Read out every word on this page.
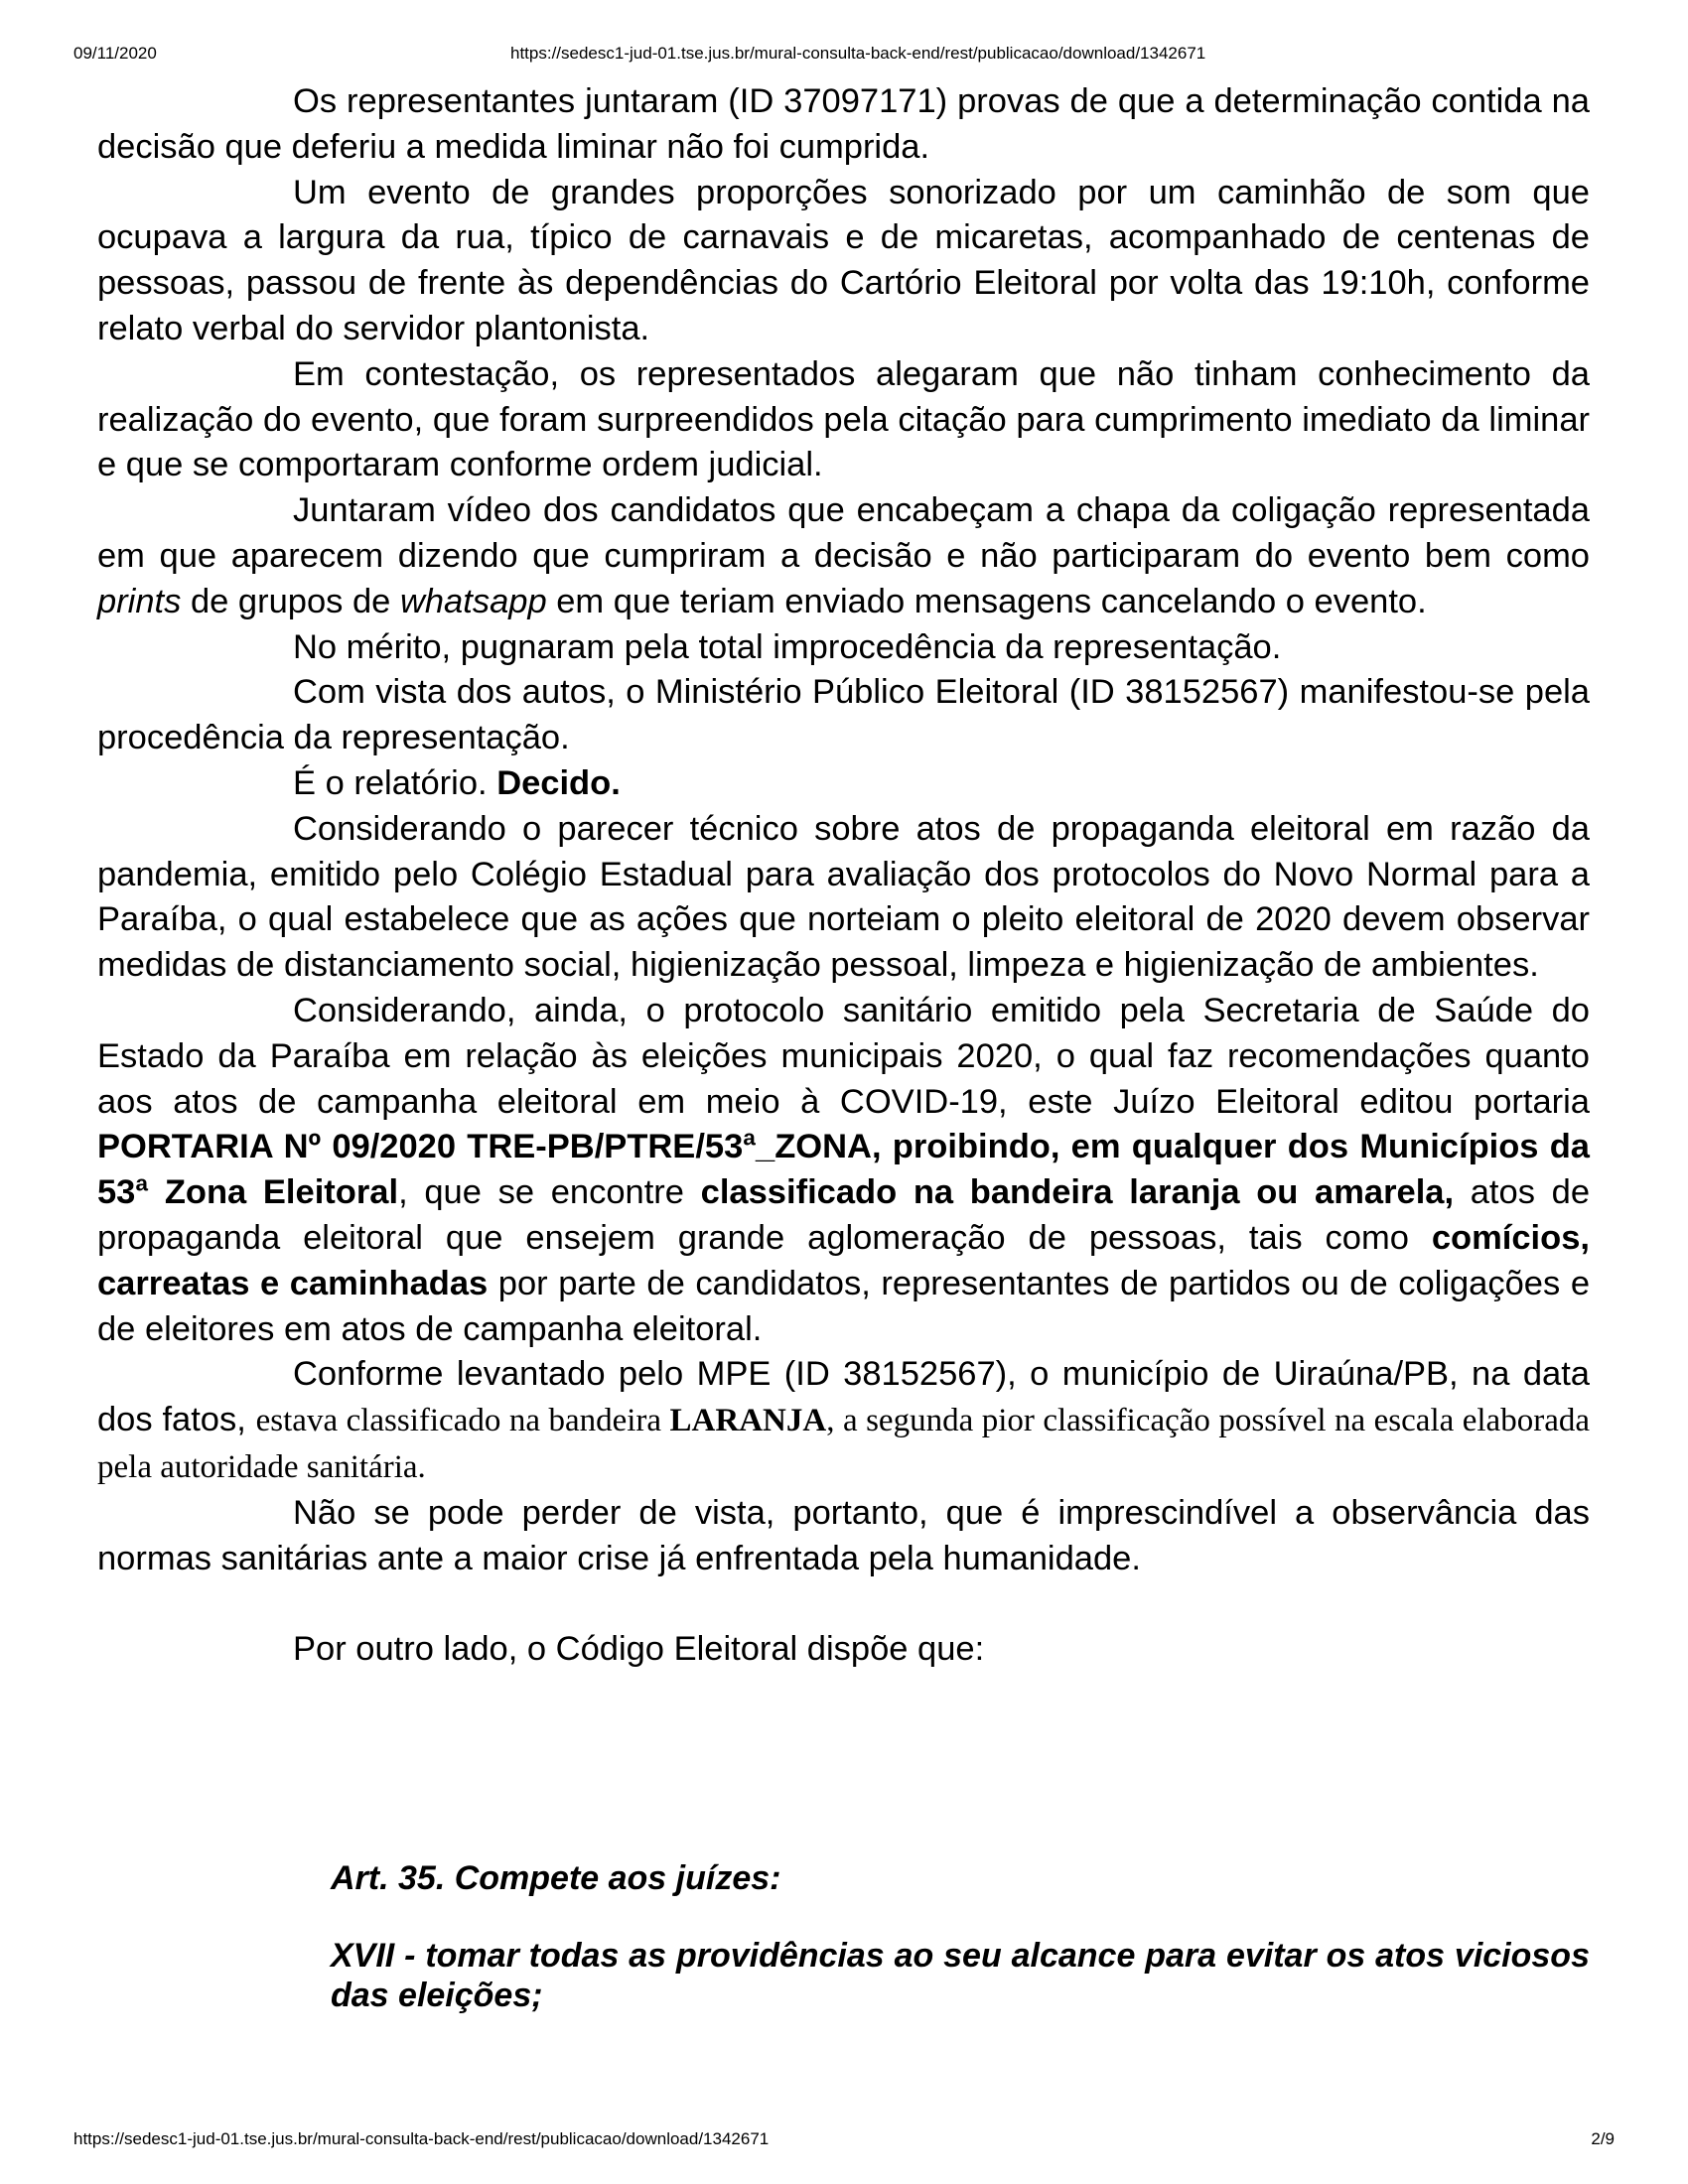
09/11/2020	https://sedesc1-jud-01.tse.jus.br/mural-consulta-back-end/rest/publicacao/download/1342671

Os representantes juntaram (ID 37097171) provas de que a determinação contida na decisão que deferiu a medida liminar não foi cumprida.

Um evento de grandes proporções sonorizado por um caminhão de som que ocupava a largura da rua, típico de carnavais e de micaretas, acompanhado de centenas de pessoas, passou de frente às dependências do Cartório Eleitoral por volta das 19:10h, conforme relato verbal do servidor plantonista.

Em contestação, os representados alegaram que não tinham conhecimento da realização do evento, que foram surpreendidos pela citação para cumprimento imediato da liminar e que se comportaram conforme ordem judicial.

Juntaram vídeo dos candidatos que encabeçam a chapa da coligação representada em que aparecem dizendo que cumpriram a decisão e não participaram do evento bem como prints de grupos de whatsapp em que teriam enviado mensagens cancelando o evento.

No mérito, pugnaram pela total improcedência da representação.

Com vista dos autos, o Ministério Público Eleitoral (ID 38152567) manifestou-se pela procedência da representação.

É o relatório. Decido.

Considerando o parecer técnico sobre atos de propaganda eleitoral em razão da pandemia, emitido pelo Colégio Estadual para avaliação dos protocolos do Novo Normal para a Paraíba, o qual estabelece que as ações que norteiam o pleito eleitoral de 2020 devem observar medidas de distanciamento social, higienização pessoal, limpeza e higienização de ambientes.

Considerando, ainda, o protocolo sanitário emitido pela Secretaria de Saúde do Estado da Paraíba em relação às eleições municipais 2020, o qual faz recomendações quanto aos atos de campanha eleitoral em meio à COVID-19, este Juízo Eleitoral editou portaria PORTARIA Nº 09/2020 TRE-PB/PTRE/53ª_ZONA, proibindo, em qualquer dos Municípios da 53ª Zona Eleitoral, que se encontre classificado na bandeira laranja ou amarela, atos de propaganda eleitoral que ensejem grande aglomeração de pessoas, tais como comícios, carreatas e caminhadas por parte de candidatos, representantes de partidos ou de coligações e de eleitores em atos de campanha eleitoral.

Conforme levantado pelo MPE (ID 38152567), o município de Uiraúna/PB, na data dos fatos, estava classificado na bandeira LARANJA, a segunda pior classificação possível na escala elaborada pela autoridade sanitária.

Não se pode perder de vista, portanto, que é imprescindível a observância das normas sanitárias ante a maior crise já enfrentada pela humanidade.

Por outro lado, o Código Eleitoral dispõe que:

Art. 35. Compete aos juízes:
XVII - tomar todas as providências ao seu alcance para evitar os atos viciosos das eleições;
https://sedesc1-jud-01.tse.jus.br/mural-consulta-back-end/rest/publicacao/download/1342671	2/9
